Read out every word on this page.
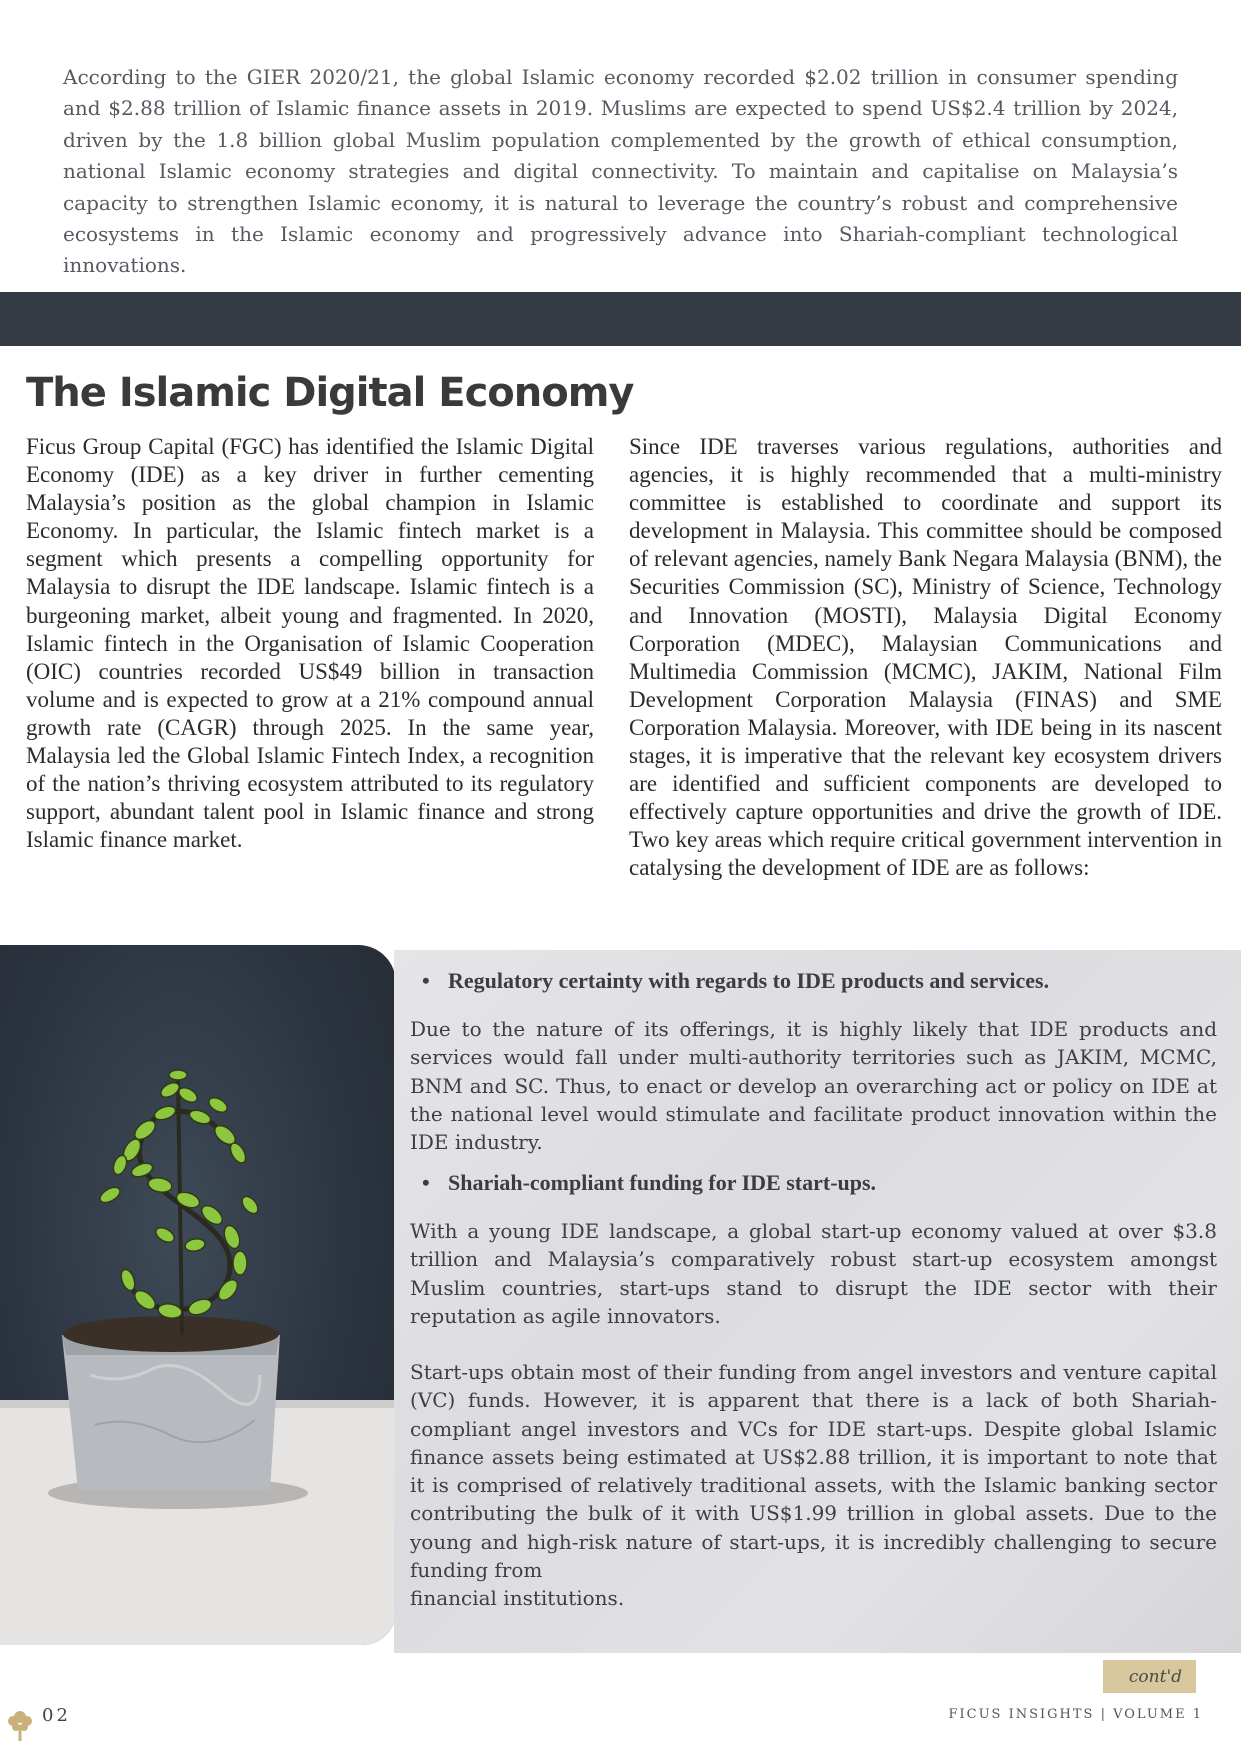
According to the GIER 2020/21, the global Islamic economy recorded $2.02 trillion in consumer spending and $2.88 trillion of Islamic finance assets in 2019. Muslims are expected to spend US$2.4 trillion by 2024, driven by the 1.8 billion global Muslim population complemented by the growth of ethical consumption, national Islamic economy strategies and digital connectivity. To maintain and capitalise on Malaysia’s capacity to strengthen Islamic economy, it is natural to leverage the country’s robust and comprehensive ecosystems in the Islamic economy and progressively advance into Shariah-compliant technological innovations.
The Islamic Digital Economy

Ficus Group Capital (FGC) has identified the Islamic Digital Economy (IDE) as a key driver in further cementing Malaysia’s position as the global champion in Islamic Economy. In particular, the Islamic fintech market is a segment which presents a compelling opportunity for Malaysia to disrupt the IDE landscape. Islamic fintech is a burgeoning market, albeit young and fragmented. In 2020, Islamic fintech in the Organisation of Islamic Cooperation (OIC) countries recorded US$49 billion in transaction volume and is expected to grow at a 21% compound annual growth rate (CAGR) through 2025. In the same year, Malaysia led the Global Islamic Fintech Index, a recognition of the nation’s thriving ecosystem attributed to its regulatory support, abundant talent pool in Islamic finance and strong Islamic finance market.

Since IDE traverses various regulations, authorities and agencies, it is highly recommended that a multi-ministry committee is established to coordinate and support its development in Malaysia. This committee should be composed of relevant agencies, namely Bank Negara Malaysia (BNM), the Securities Commission (SC), Ministry of Science, Technology and Innovation (MOSTI), Malaysia Digital Economy Corporation (MDEC), Malaysian Communications and Multimedia Commission (MCMC), JAKIM, National Film Development Corporation Malaysia (FINAS) and SME Corporation Malaysia. Moreover, with IDE being in its nascent stages, it is imperative that the relevant key ecosystem drivers are identified and sufficient components are developed to effectively capture opportunities and drive the growth of IDE. Two key areas which require critical government intervention in catalysing the development of IDE are as follows:

• Regulatory certainty with regards to IDE products and services.

Due to the nature of its offerings, it is highly likely that IDE products and services would fall under multi-authority territories such as JAKIM, MCMC, BNM and SC. Thus, to enact or develop an overarching act or policy on IDE at the national level would stimulate and facilitate product innovation within the IDE industry.

• Shariah-compliant funding for IDE start-ups.

With a young IDE landscape, a global start-up economy valued at over $3.8 trillion and Malaysia’s comparatively robust start-up ecosystem amongst Muslim countries, start-ups stand to disrupt the IDE sector with their reputation as agile innovators.

Start-ups obtain most of their funding from angel investors and venture capital (VC) funds. However, it is apparent that there is a lack of both Shariah-compliant angel investors and VCs for IDE start-ups. Despite global Islamic finance assets being estimated at US$2.88 trillion, it is important to note that it is comprised of relatively traditional assets, with the Islamic banking sector contributing the bulk of it with US$1.99 trillion in global assets. Due to the young and high-risk nature of start-ups, it is incredibly challenging to secure funding from
financial institutions.

cont'd
02	FICUS INSIGHTS | VOLUME 1
